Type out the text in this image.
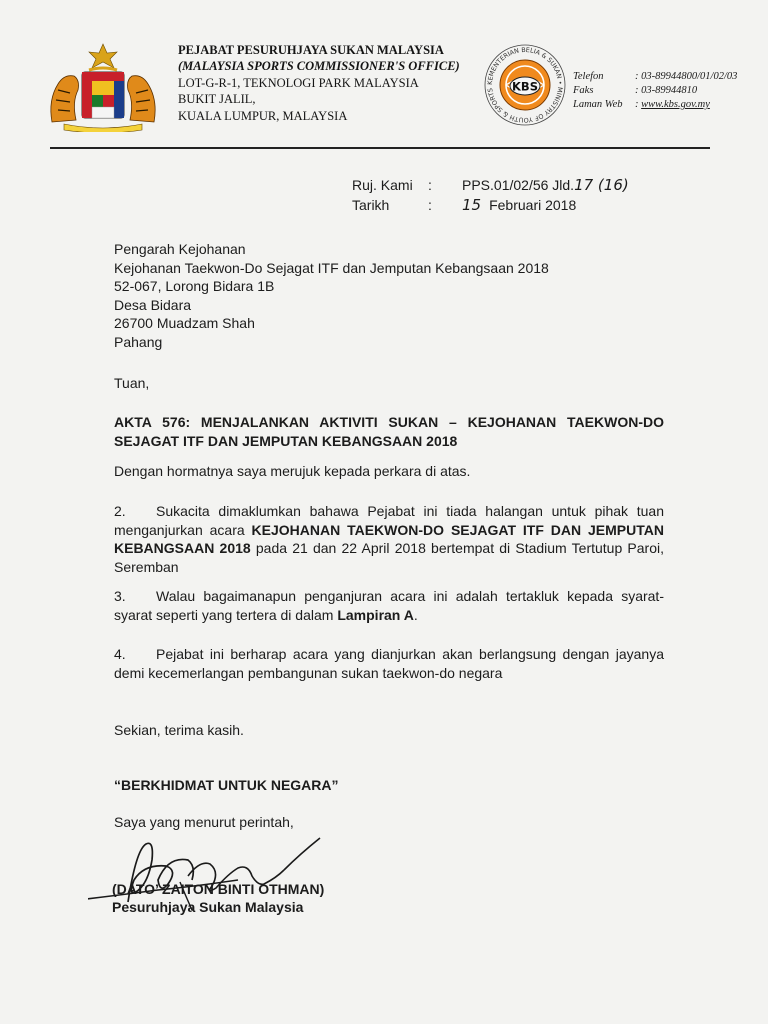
PEJABAT PESURUHJAYA SUKAN MALAYSIA
(MALAYSIA SPORTS COMMISSIONER'S OFFICE)
LOT-G-R-1, TEKNOLOGI PARK MALAYSIA
BUKIT JALIL,
KUALA LUMPUR, MALAYSIA
KEMENTERIAN BELIA & SUKAN • MINISTRY OF YOUTH & SPORTS	KBS
Telefon	: 03-89944800/01/02/03
Faks	: 03-89944810
Laman Web	: www.kbs.gov.my
Ruj. Kami	:	PPS.01/02/56 Jld. 17 (16)
Tarikh	:	15 Februari 2018
Pengarah Kejohanan
Kejohanan Taekwon-Do Sejagat ITF dan Jemputan Kebangsaan 2018
52-067, Lorong Bidara 1B
Desa Bidara
26700 Muadzam Shah
Pahang
Tuan,
AKTA 576: MENJALANKAN AKTIVITI SUKAN – KEJOHANAN TAEKWON-DO SEJAGAT ITF DAN JEMPUTAN KEBANGSAAN 2018
Dengan hormatnya saya merujuk kepada perkara di atas.
2. Sukacita dimaklumkan bahawa Pejabat ini tiada halangan untuk pihak tuan menganjurkan acara KEJOHANAN TAEKWON-DO SEJAGAT ITF DAN JEMPUTAN KEBANGSAAN 2018 pada 21 dan 22 April 2018 bertempat di Stadium Tertutup Paroi, Seremban
3. Walau bagaimanapun penganjuran acara ini adalah tertakluk kepada syarat-syarat seperti yang tertera di dalam Lampiran A.
4. Pejabat ini berharap acara yang dianjurkan akan berlangsung dengan jayanya demi kecemerlangan pembangunan sukan taekwon-do negara
Sekian, terima kasih.
“BERKHIDMAT UNTUK NEGARA”
Saya yang menurut perintah,
(DATO’ ZAITON BINTI OTHMAN)
Pesuruhjaya Sukan Malaysia
